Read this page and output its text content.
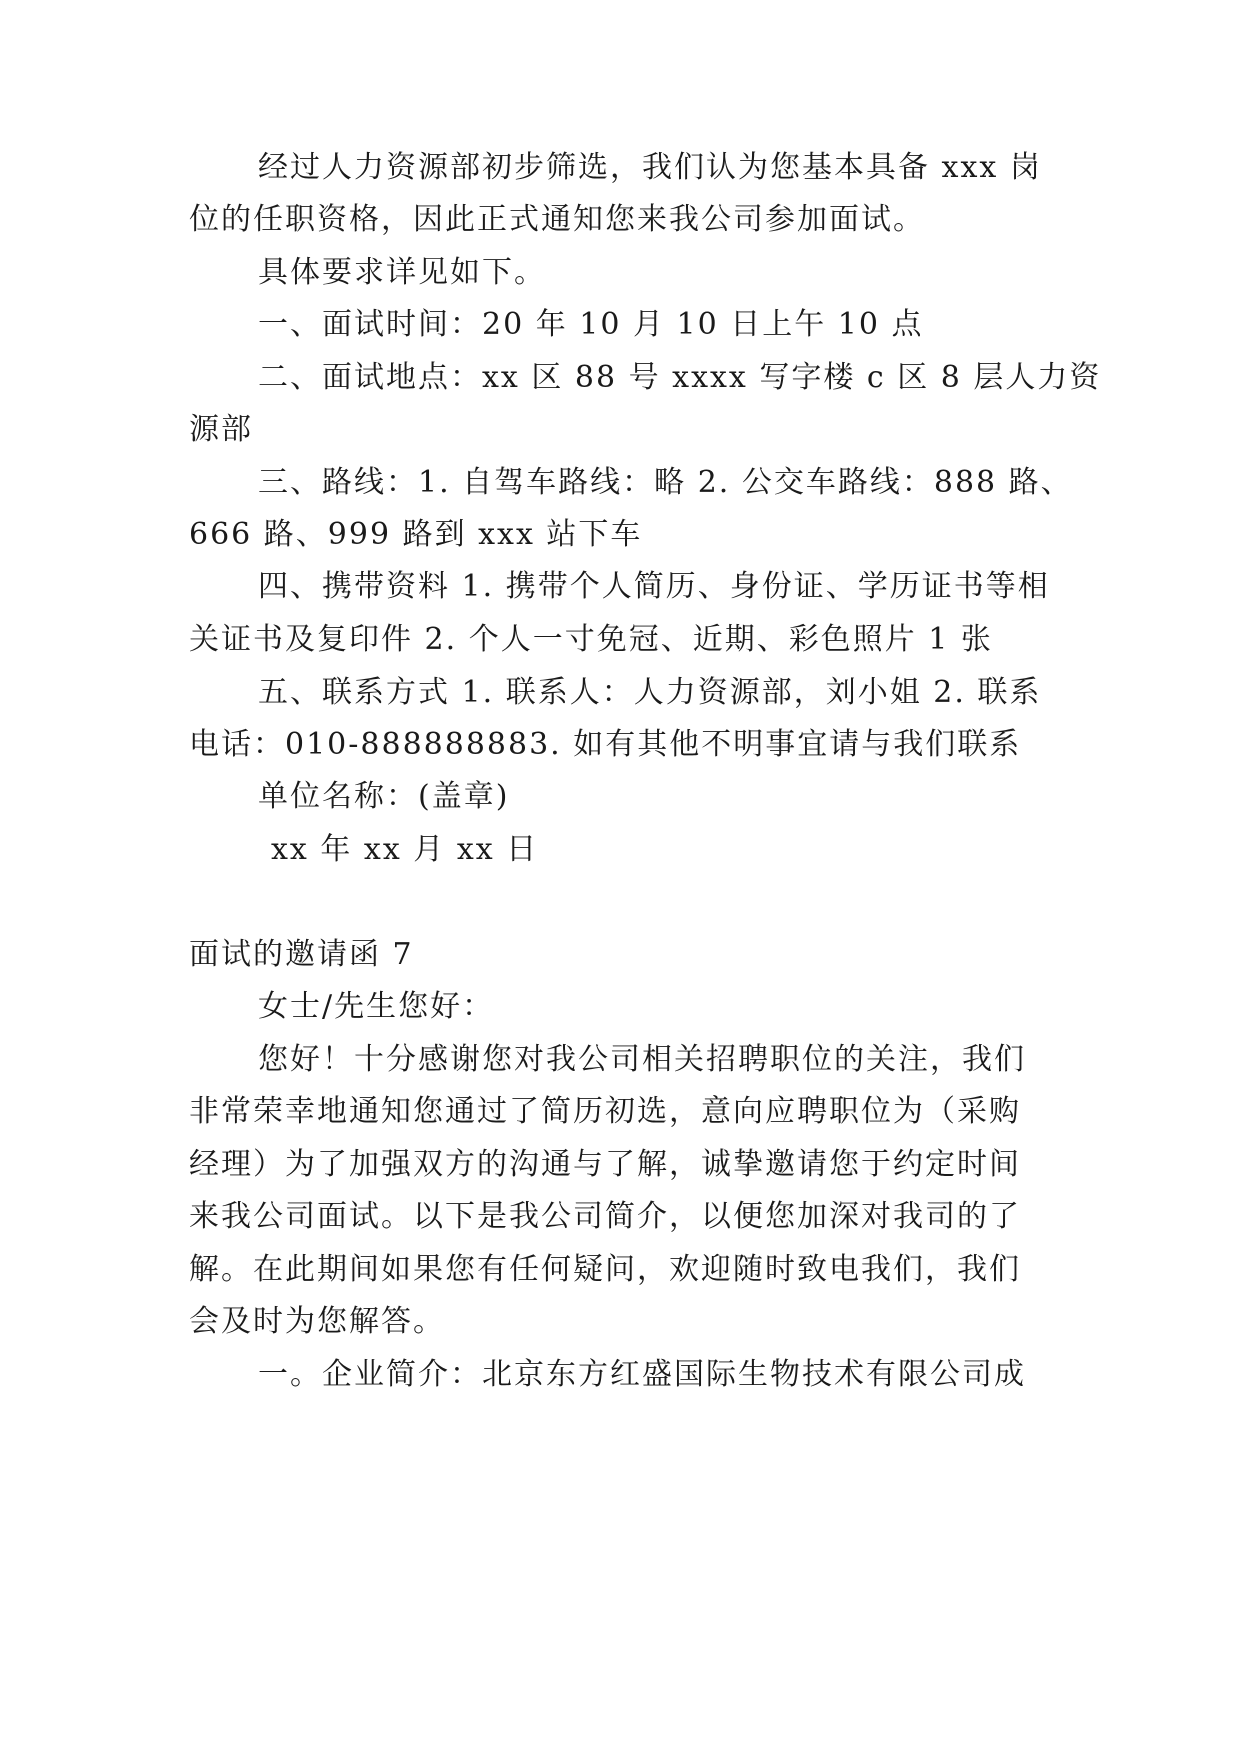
经过人力资源部初步筛选，我们认为您基本具备 xxx 岗
位的任职资格，因此正式通知您来我公司参加面试。
具体要求详见如下。
一、面试时间：20 年 10 月 10 日上午 10 点
二、面试地点：xx 区 88 号 xxxx 写字楼 c 区 8 层人力资
源部
三、路线：1. 自驾车路线：略 2. 公交车路线：888 路、
666 路、999 路到 xxx 站下车
四、携带资料 1. 携带个人简历、身份证、学历证书等相
关证书及复印件 2. 个人一寸免冠、近期、彩色照片 1 张
五、联系方式 1. 联系人：人力资源部，刘小姐 2. 联系
电话：010-888888883. 如有其他不明事宜请与我们联系
单位名称：(盖章)
xx 年 xx 月 xx 日
面试的邀请函 7
女士/先生您好：
您好！十分感谢您对我公司相关招聘职位的关注，我们
非常荣幸地通知您通过了简历初选，意向应聘职位为（采购
经理）为了加强双方的沟通与了解，诚挚邀请您于约定时间
来我公司面试。以下是我公司简介，以便您加深对我司的了
解。在此期间如果您有任何疑问，欢迎随时致电我们，我们
会及时为您解答。
一。企业简介：北京东方红盛国际生物技术有限公司成
